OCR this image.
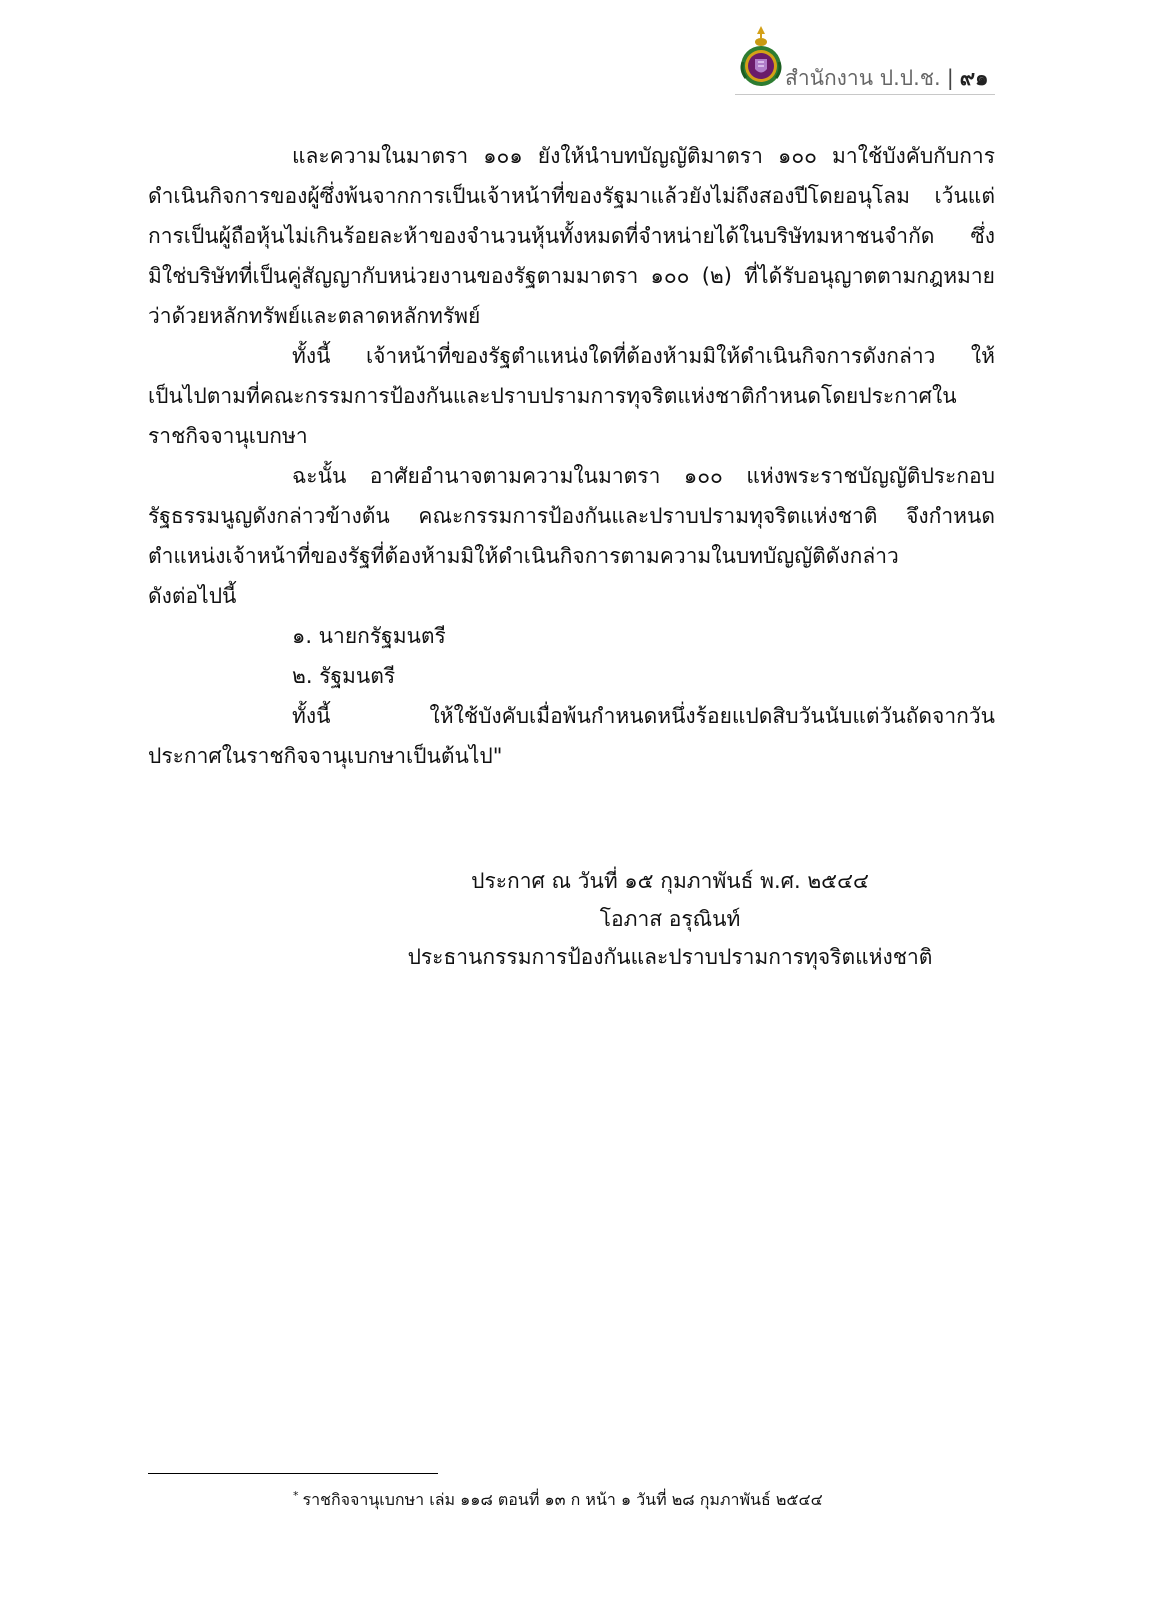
สำนักงาน ป.ป.ช. | ๙๑
และความในมาตรา ๑๐๑ ยังให้นำบทบัญญัติมาตรา ๑๐๐ มาใช้บังคับกับการ
ดำเนินกิจการของผู้ซึ่งพ้นจากการเป็นเจ้าหน้าที่ของรัฐมาแล้วยังไม่ถึงสองปีโดยอนุโลม เว้นแต่
การเป็นผู้ถือหุ้นไม่เกินร้อยละห้าของจำนวนหุ้นทั้งหมดที่จำหน่ายได้ในบริษัทมหาชนจำกัด ซึ่ง
มิใช่บริษัทที่เป็นคู่สัญญากับหน่วยงานของรัฐตามมาตรา ๑๐๐ (๒) ที่ได้รับอนุญาตตามกฎหมาย
ว่าด้วยหลักทรัพย์และตลาดหลักทรัพย์
ทั้งนี้ เจ้าหน้าที่ของรัฐตำแหน่งใดที่ต้องห้ามมิให้ดำเนินกิจการดังกล่าว ให้
เป็นไปตามที่คณะกรรมการป้องกันและปราบปรามการทุจริตแห่งชาติกำหนดโดยประกาศใน
ราชกิจจานุเบกษา
ฉะนั้น อาศัยอำนาจตามความในมาตรา ๑๐๐ แห่งพระราชบัญญัติประกอบ
รัฐธรรมนูญดังกล่าวข้างต้น คณะกรรมการป้องกันและปราบปรามทุจริตแห่งชาติ จึงกำหนด
ตำแหน่งเจ้าหน้าที่ของรัฐที่ต้องห้ามมิให้ดำเนินกิจการตามความในบทบัญญัติดังกล่าว
ดังต่อไปนี้
๑. นายกรัฐมนตรี
๒. รัฐมนตรี
ทั้งนี้ ให้ใช้บังคับเมื่อพ้นกำหนดหนึ่งร้อยแปดสิบวันนับแต่วันถัดจากวัน
ประกาศในราชกิจจานุเบกษาเป็นต้นไป"
ประกาศ ณ วันที่ ๑๕ กุมภาพันธ์ พ.ศ. ๒๕๔๔
โอภาส อรุณินท์
ประธานกรรมการป้องกันและปราบปรามการทุจริตแห่งชาติ
* ราชกิจจานุเบกษา เล่ม ๑๑๘ ตอนที่ ๑๓ ก หน้า ๑ วันที่ ๒๘ กุมภาพันธ์ ๒๕๔๔
